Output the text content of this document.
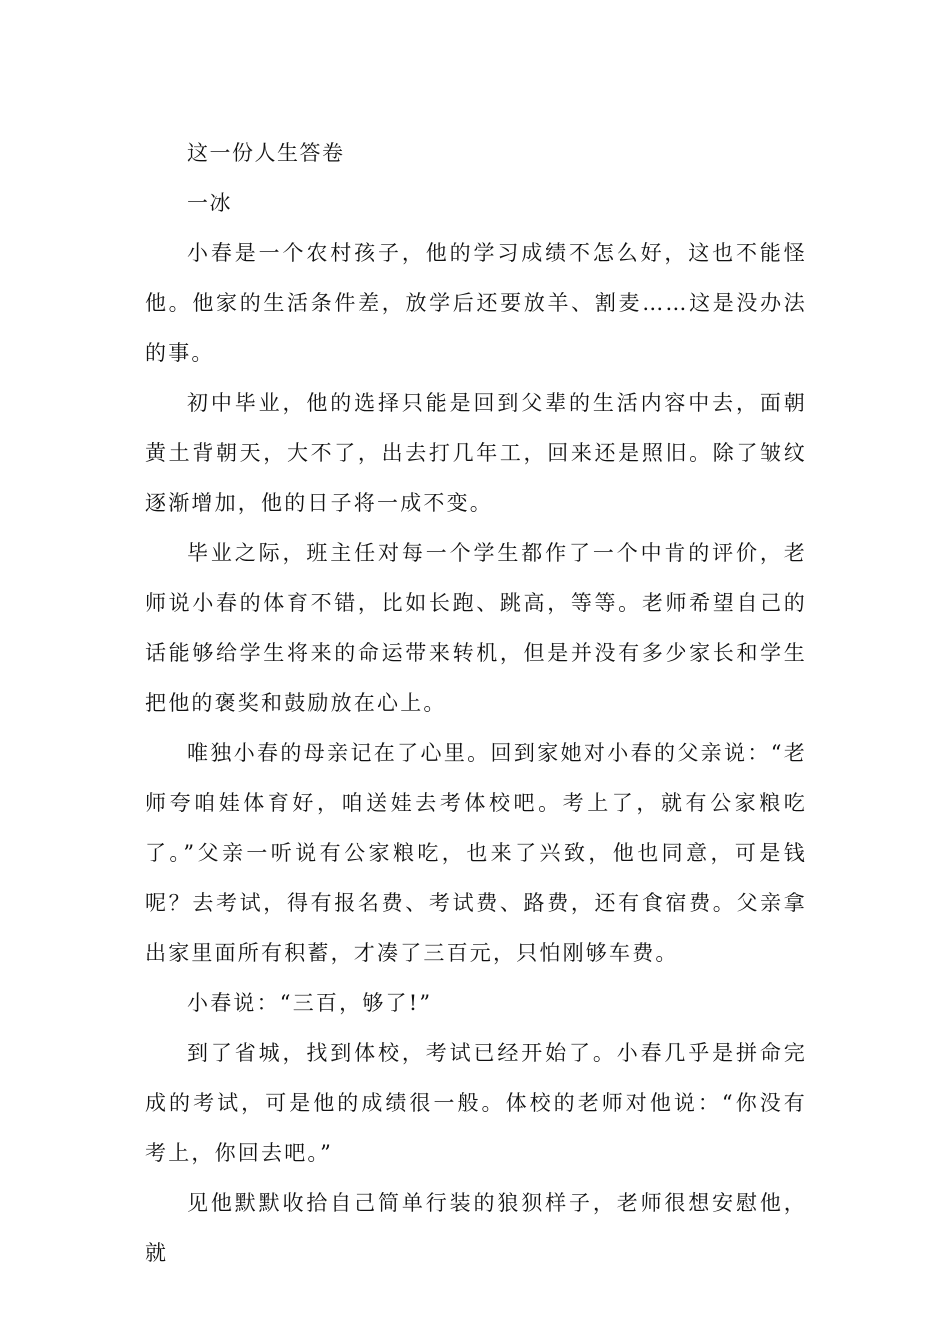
这一份人生答卷

一冰

小春是一个农村孩子，他的学习成绩不怎么好，这也不能怪他。他家的生活条件差，放学后还要放羊、割麦……这是没办法的事。

初中毕业，他的选择只能是回到父辈的生活内容中去，面朝黄土背朝天，大不了，出去打几年工，回来还是照旧。除了皱纹逐渐增加，他的日子将一成不变。

毕业之际，班主任对每一个学生都作了一个中肯的评价，老师说小春的体育不错，比如长跑、跳高，等等。老师希望自己的话能够给学生将来的命运带来转机，但是并没有多少家长和学生把他的褒奖和鼓励放在心上。

唯独小春的母亲记在了心里。回到家她对小春的父亲说：“老师夸咱娃体育好，咱送娃去考体校吧。考上了，就有公家粮吃了。”父亲一听说有公家粮吃，也来了兴致，他也同意，可是钱呢？去考试，得有报名费、考试费、路费，还有食宿费。父亲拿出家里面所有积蓄，才凑了三百元，只怕刚够车费。

小春说：“三百，够了!”

到了省城，找到体校，考试已经开始了。小春几乎是拼命完成的考试，可是他的成绩很一般。体校的老师对他说：“你没有考上，你回去吧。”

见他默默收拾自己简单行装的狼狈样子，老师很想安慰他，就
